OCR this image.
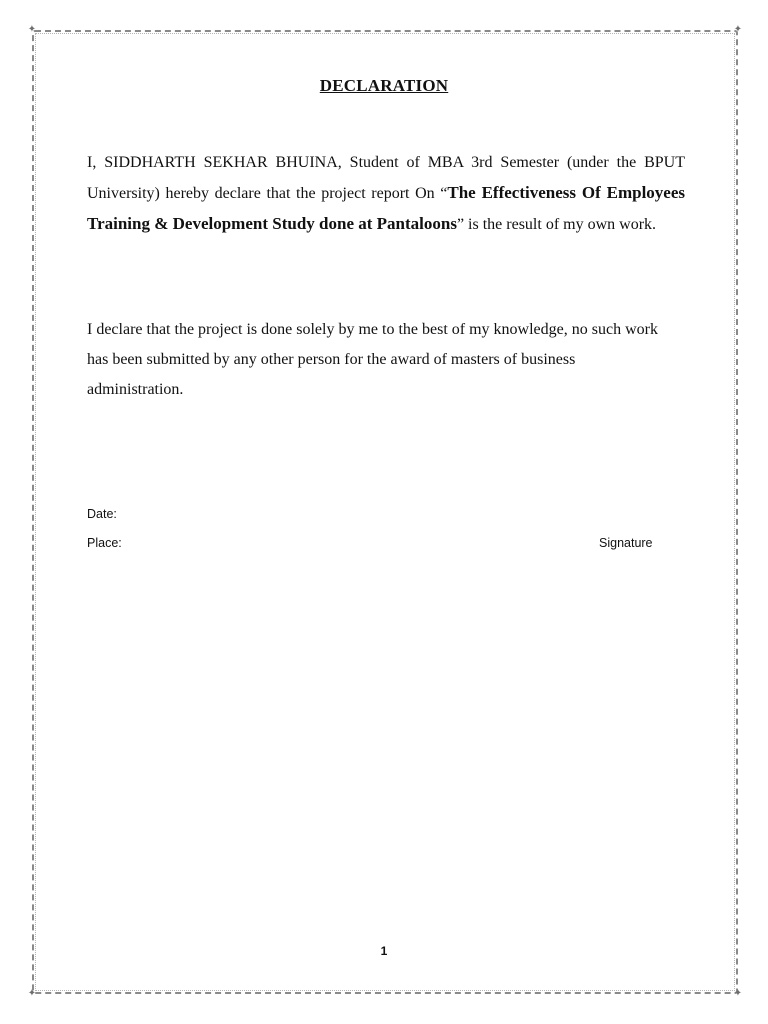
✦	✦
✦	✦
DECLARATION

I, SIDDHARTH SEKHAR BHUINA, Student of MBA 3rd Semester (under the BPUT University) hereby declare that the project report On “The Effectiveness Of Employees Training & Development Study done at Pantaloons” is the result of my own work.

I declare that the project is done solely by me to the best of my knowledge, no such work has been submitted by any other person for the award of masters of business administration.

Date:
Place:	Signature
1
